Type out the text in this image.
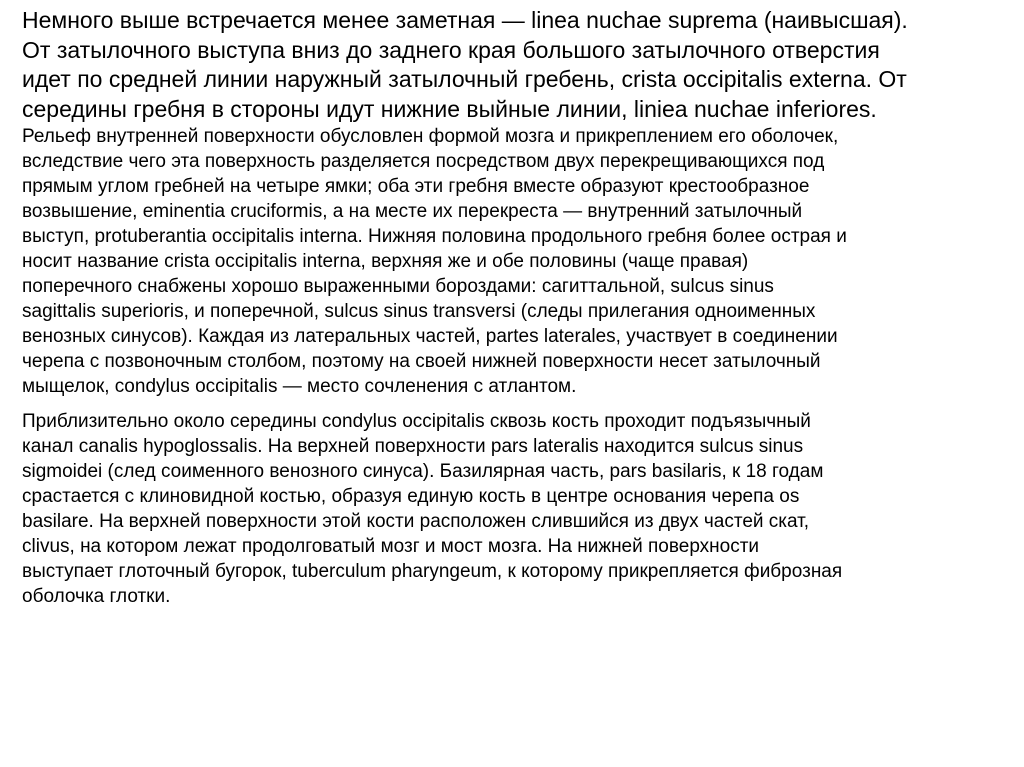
Немного выше встречается менее заметная — linea nuchae suprema (наивысшая).
От затылочного выступа вниз до заднего края большого затылочного отверстия
идет по средней линии наружный затылочный гребень, crista occipitalis externa. От
середины гребня в стороны идут нижние выйные линии, liniea nuchae inferiores.

Рельеф внутренней поверхности обусловлен формой мозга и прикреплением его оболочек,
вследствие чего эта поверхность разделяется посредством двух перекрещивающихся под
прямым углом гребней на четыре ямки; оба эти гребня вместе образуют крестообразное
возвышение, eminentia cruciformis, а на месте их перекреста — внутренний затылочный
выступ, protuberantia occipitalis interna. Нижняя половина продольного гребня более острая и
носит название crista occipitalis interna, верхняя же и обе половины (чаще правая)
поперечного снабжены хорошо выраженными бороздами: сагиттальной, sulcus sinus
sagittalis superioris, и поперечной, sulcus sinus transversi (следы прилегания одноименных
венозных синусов). Каждая из латеральных частей, partes laterales, участвует в соединении
черепа с позвоночным столбом, поэтому на своей нижней поверхности несет затылочный
мыщелок, condylus occipitalis — место сочленения с атлантом.

Приблизительно около середины condylus occipitalis сквозь кость проходит подъязычный
канал canalis hypoglossalis. На верхней поверхности pars lateralis находится sulcus sinus
sigmoidei (след соименного венозного синуса). Базилярная часть, pars basilaris, к 18 годам
срастается с клиновидной костью, образуя единую кость в центре основания черепа os
basilare. На верхней поверхности этой кости расположен слившийся из двух частей скат,
clivus, на котором лежат продолговатый мозг и мост мозга. На нижней поверхности
выступает глоточный бугорок, tuberculum pharyngeum, к которому прикрепляется фиброзная
оболочка глотки.
